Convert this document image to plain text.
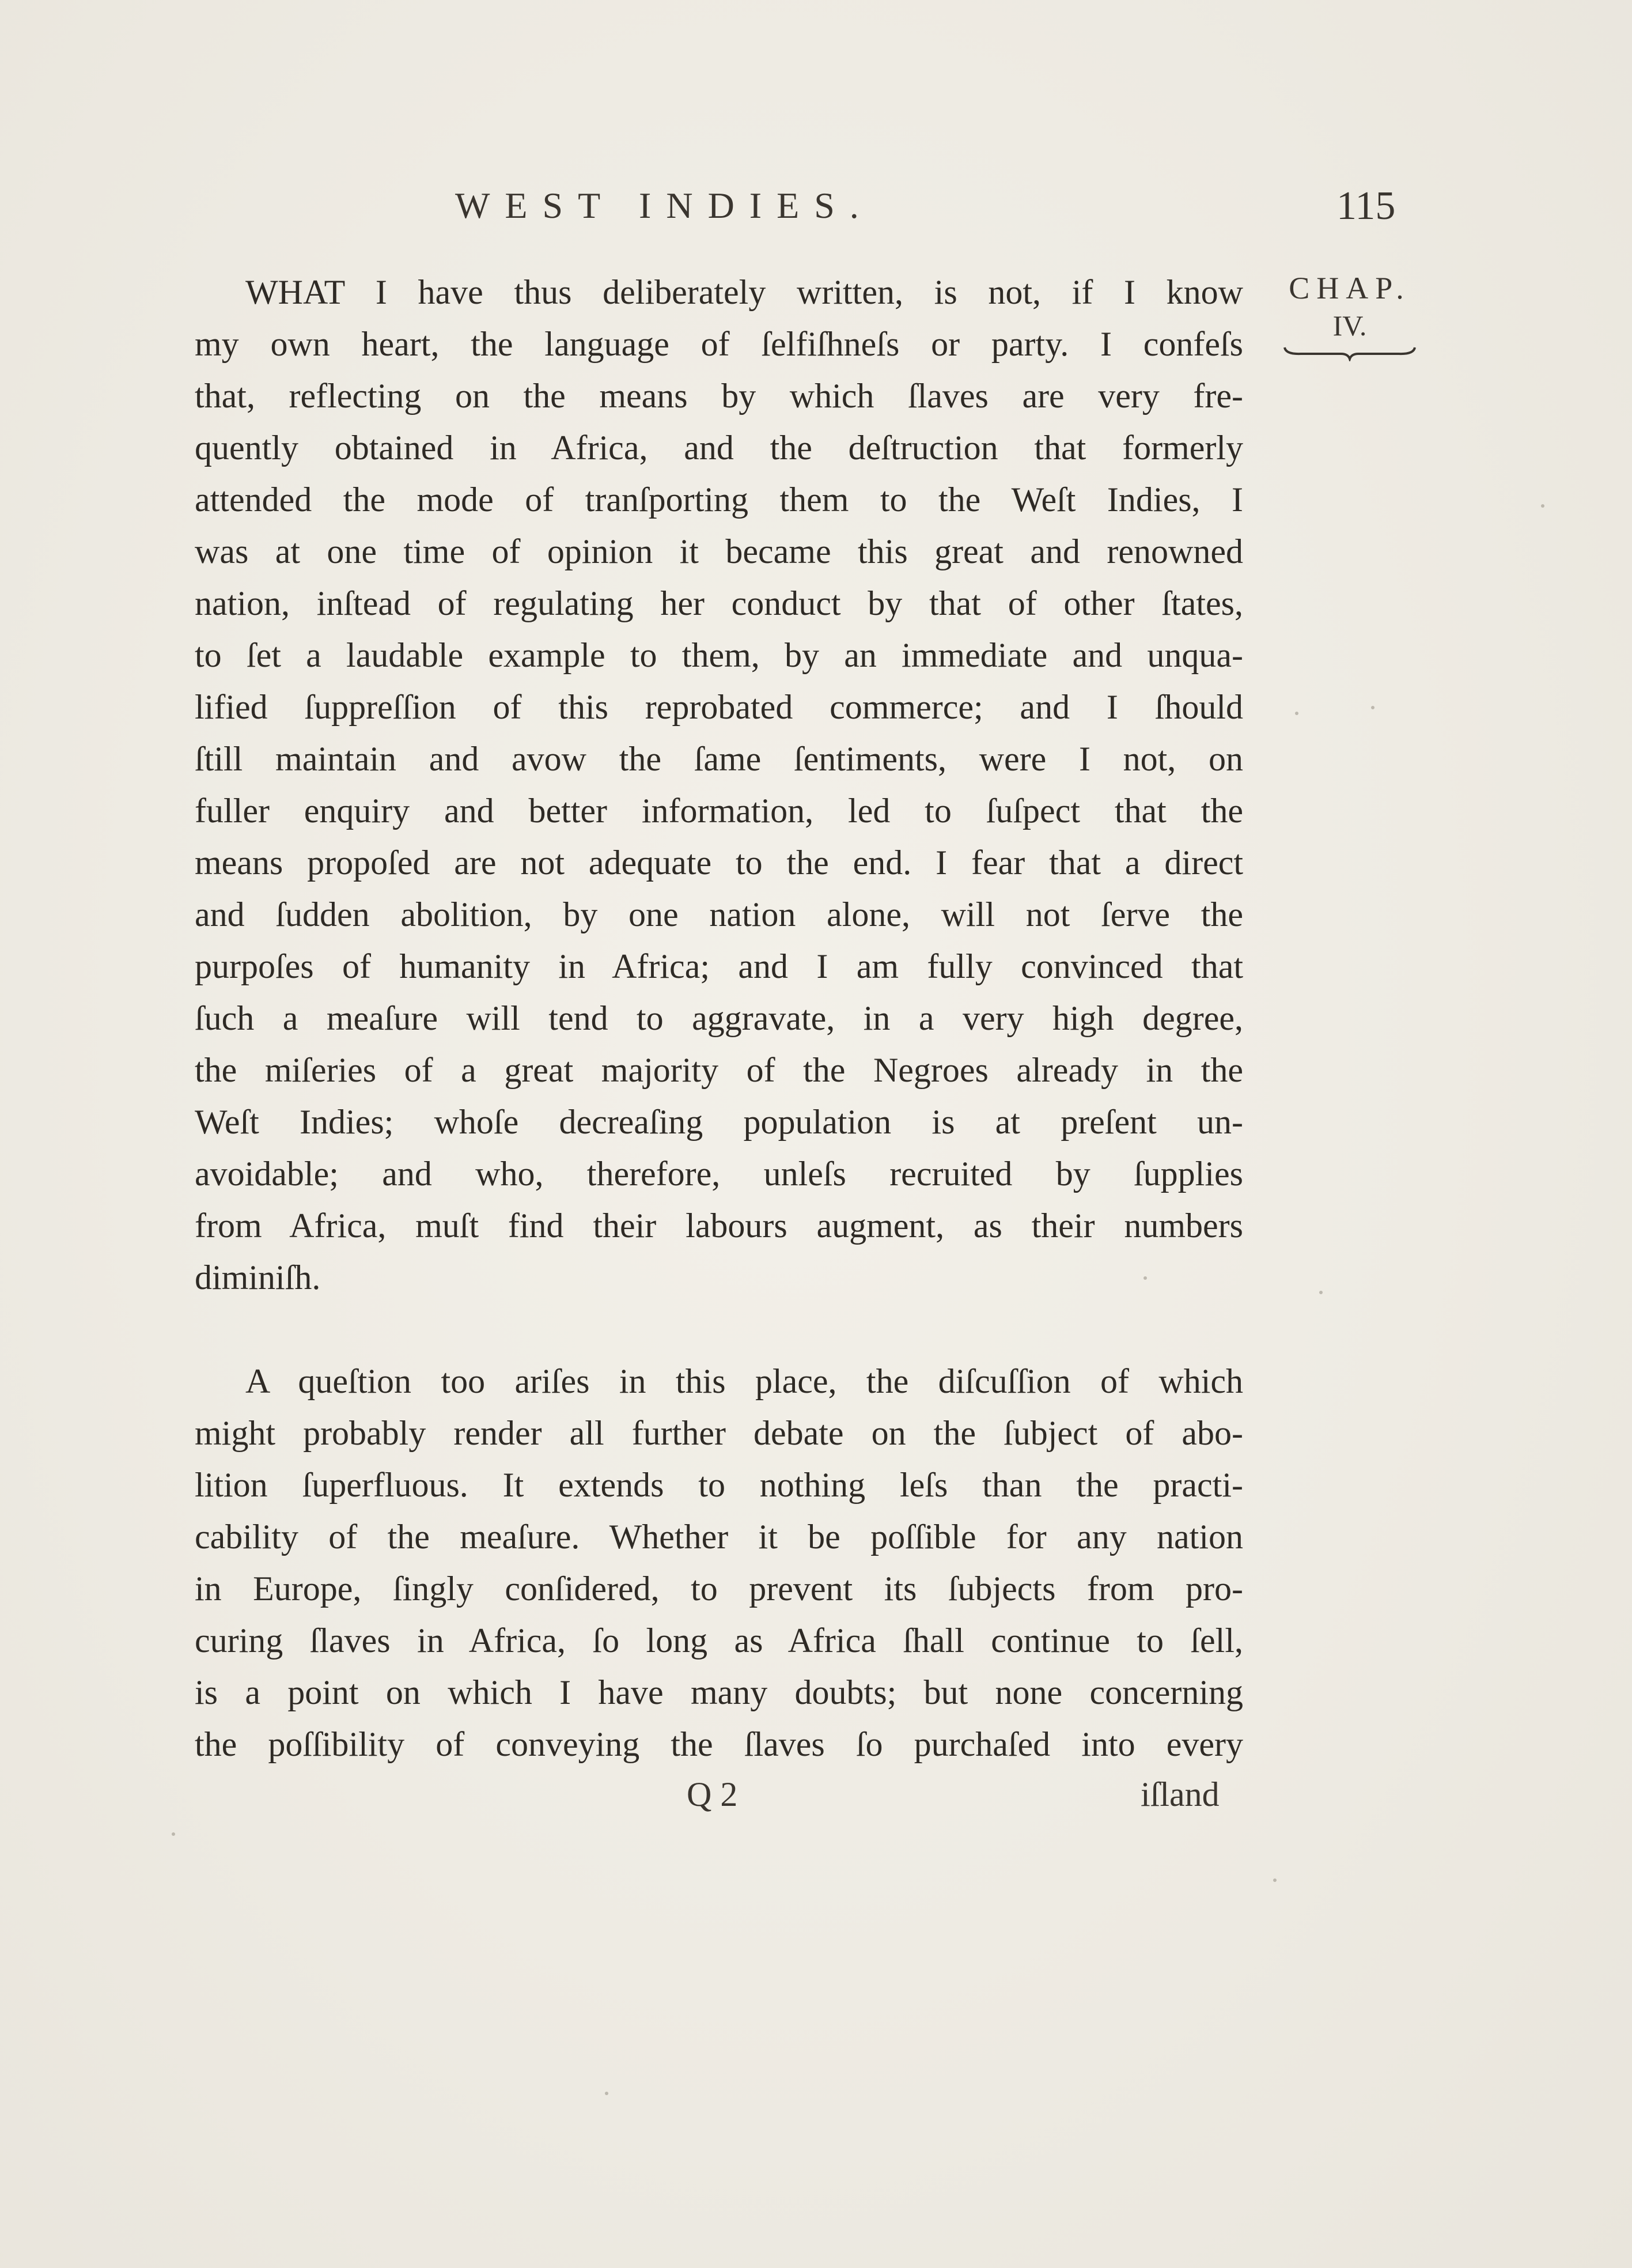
WEST INDIES.	115
CHAP.
IV.
WHAT I have thus deliberately written, is not, if I know
my own heart, the language of ſelfiſhneſs or party. I confeſs
that, reflecting on the means by which ſlaves are very fre-
quently obtained in Africa, and the deſtruction that formerly
attended the mode of tranſporting them to the Weſt Indies, I
was at one time of opinion it became this great and renowned
nation, inſtead of regulating her conduct by that of other ſtates,
to ſet a laudable example to them, by an immediate and unqua-
lified ſuppreſſion of this reprobated commerce; and I ſhould
ſtill maintain and avow the ſame ſentiments, were I not, on
fuller enquiry and better information, led to ſuſpect that the
means propoſed are not adequate to the end. I fear that a direct
and ſudden abolition, by one nation alone, will not ſerve the
purpoſes of humanity in Africa; and I am fully convinced that
ſuch a meaſure will tend to aggravate, in a very high degree,
the miſeries of a great majority of the Negroes already in the
Weſt Indies; whoſe decreaſing population is at preſent un-
avoidable; and who, therefore, unleſs recruited by ſupplies
from Africa, muſt find their labours augment, as their numbers
diminiſh.
A queſtion too ariſes in this place, the diſcuſſion of which
might probably render all further debate on the ſubject of abo-
lition ſuperfluous. It extends to nothing leſs than the practi-
cability of the meaſure. Whether it be poſſible for any nation
in Europe, ſingly conſidered, to prevent its ſubjects from pro-
curing ſlaves in Africa, ſo long as Africa ſhall continue to ſell,
is a point on which I have many doubts; but none concerning
the poſſibility of conveying the ſlaves ſo purchaſed into every
Q 2	iſland
